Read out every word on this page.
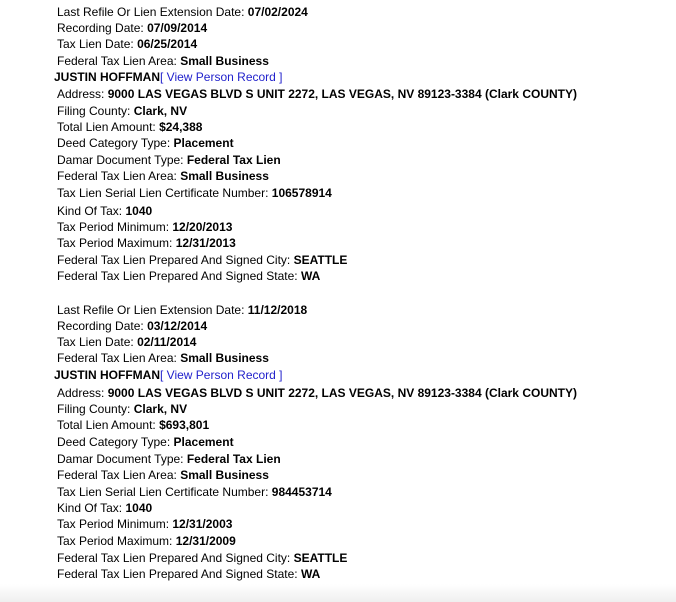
Last Refile Or Lien Extension Date: 07/02/2024
Recording Date: 07/09/2014
Tax Lien Date: 06/25/2014
Federal Tax Lien Area: Small Business
JUSTIN HOFFMAN[ View Person Record ]
Address: 9000 LAS VEGAS BLVD S UNIT 2272, LAS VEGAS, NV 89123-3384 (Clark COUNTY)
Filing County: Clark, NV
Total Lien Amount: $24,388
Deed Category Type: Placement
Damar Document Type: Federal Tax Lien
Federal Tax Lien Area: Small Business
Tax Lien Serial Lien Certificate Number: 106578914
Kind Of Tax: 1040
Tax Period Minimum: 12/20/2013
Tax Period Maximum: 12/31/2013
Federal Tax Lien Prepared And Signed City: SEATTLE
Federal Tax Lien Prepared And Signed State: WA
Last Refile Or Lien Extension Date: 11/12/2018
Recording Date: 03/12/2014
Tax Lien Date: 02/11/2014
Federal Tax Lien Area: Small Business
JUSTIN HOFFMAN[ View Person Record ]
Address: 9000 LAS VEGAS BLVD S UNIT 2272, LAS VEGAS, NV 89123-3384 (Clark COUNTY)
Filing County: Clark, NV
Total Lien Amount: $693,801
Deed Category Type: Placement
Damar Document Type: Federal Tax Lien
Federal Tax Lien Area: Small Business
Tax Lien Serial Lien Certificate Number: 984453714
Kind Of Tax: 1040
Tax Period Minimum: 12/31/2003
Tax Period Maximum: 12/31/2009
Federal Tax Lien Prepared And Signed City: SEATTLE
Federal Tax Lien Prepared And Signed State: WA
